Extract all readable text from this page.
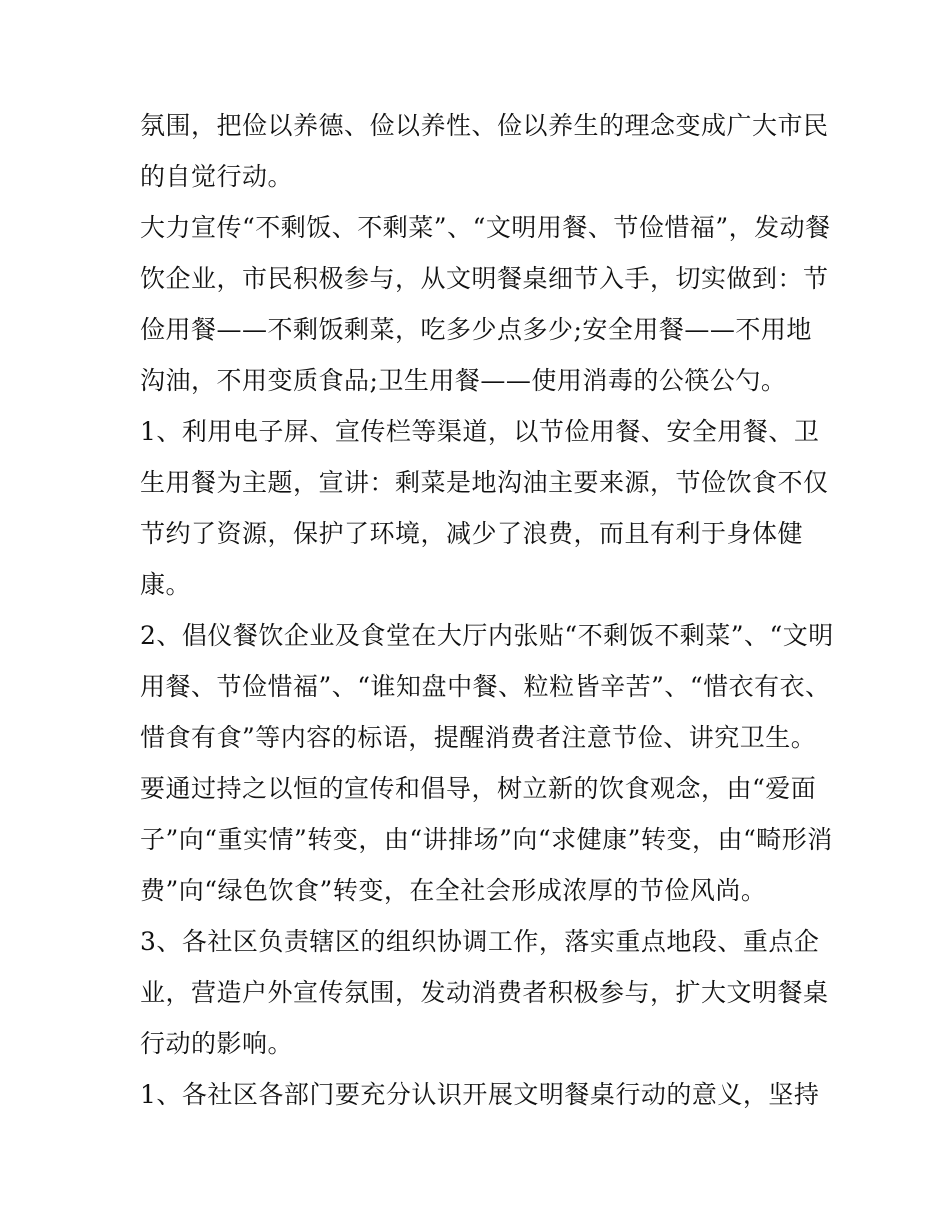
氛围，把俭以养德、俭以养性、俭以养生的理念变成广大市民
的自觉行动。
大力宣传“不剩饭、不剩菜”、“文明用餐、节俭惜福”，发动餐
饮企业，市民积极参与，从文明餐桌细节入手，切实做到：节
俭用餐——不剩饭剩菜，吃多少点多少;安全用餐——不用地
沟油，不用变质食品;卫生用餐——使用消毒的公筷公勺。
1、利用电子屏、宣传栏等渠道，以节俭用餐、安全用餐、卫
生用餐为主题，宣讲：剩菜是地沟油主要来源，节俭饮食不仅
节约了资源，保护了环境，减少了浪费，而且有利于身体健
康。
2、倡仪餐饮企业及食堂在大厅内张贴“不剩饭不剩菜”、“文明
用餐、节俭惜福”、“谁知盘中餐、粒粒皆辛苦”、“惜衣有衣、
惜食有食”等内容的标语，提醒消费者注意节俭、讲究卫生。
要通过持之以恒的宣传和倡导，树立新的饮食观念，由“爱面
子”向“重实情”转变，由“讲排场”向“求健康”转变，由“畸形消
费”向“绿色饮食”转变，在全社会形成浓厚的节俭风尚。
3、各社区负责辖区的组织协调工作，落实重点地段、重点企
业，营造户外宣传氛围，发动消费者积极参与，扩大文明餐桌
行动的影响。
1、各社区各部门要充分认识开展文明餐桌行动的意义，坚持
